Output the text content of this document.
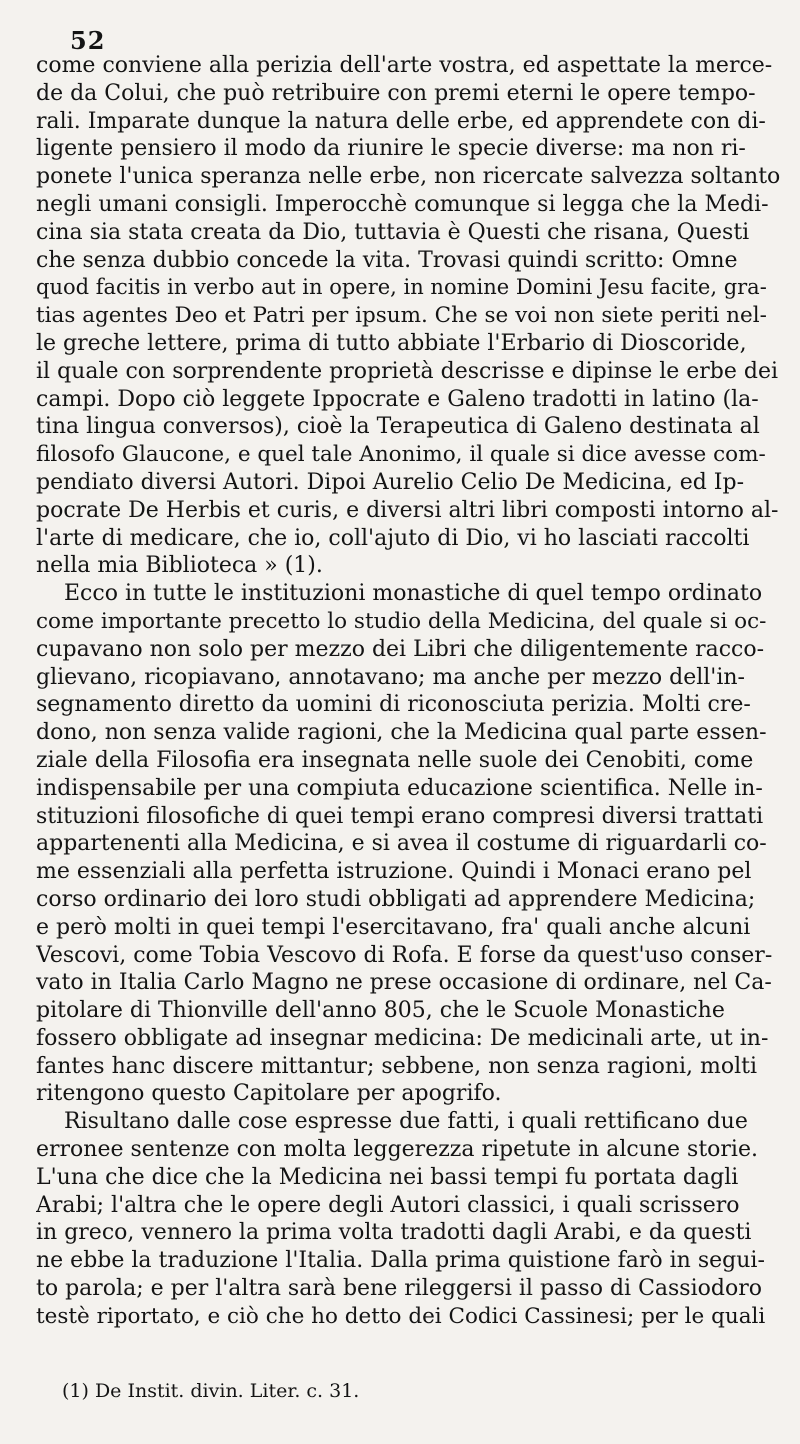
52
come conviene alla perizia dell'arte vostra, ed aspettate la merce-
de da Colui, che può retribuire con premi eterni le opere tempo-
rali. Imparate dunque la natura delle erbe, ed apprendete con di-
ligente pensiero il modo da riunire le specie diverse: ma non ri-
ponete l'unica speranza nelle erbe, non ricercate salvezza soltanto
negli umani consigli. Imperocchè comunque si legga che la Medi-
cina sia stata creata da Dio, tuttavia è Questi che risana, Questi
che senza dubbio concede la vita. Trovasi quindi scritto: Omne
quod facitis in verbo aut in opere, in nomine Domini Jesu facite, gra-
tias agentes Deo et Patri per ipsum. Che se voi non siete periti nel-
le greche lettere, prima di tutto abbiate l'Erbario di Dioscoride,
il quale con sorprendente proprietà descrisse e dipinse le erbe dei
campi. Dopo ciò leggete Ippocrate e Galeno tradotti in latino (la-
tina lingua conversos), cioè la Terapeutica di Galeno destinata al
filosofo Glaucone, e quel tale Anonimo, il quale si dice avesse com-
pendiato diversi Autori. Dipoi Aurelio Celio De Medicina, ed Ip-
pocrate De Herbis et curis, e diversi altri libri composti intorno al-
l'arte di medicare, che io, coll'ajuto di Dio, vi ho lasciati raccolti
nella mia Biblioteca » (1).
Ecco in tutte le instituzioni monastiche di quel tempo ordinato
come importante precetto lo studio della Medicina, del quale si oc-
cupavano non solo per mezzo dei Libri che diligentemente racco-
glievano, ricopiavano, annotavano; ma anche per mezzo dell'in-
segnamento diretto da uomini di riconosciuta perizia. Molti cre-
dono, non senza valide ragioni, che la Medicina qual parte essen-
ziale della Filosofia era insegnata nelle suole dei Cenobiti, come
indispensabile per una compiuta educazione scientifica. Nelle in-
stituzioni filosofiche di quei tempi erano compresi diversi trattati
appartenenti alla Medicina, e si avea il costume di riguardarli co-
me essenziali alla perfetta istruzione. Quindi i Monaci erano pel
corso ordinario dei loro studi obbligati ad apprendere Medicina;
e però molti in quei tempi l'esercitavano, fra' quali anche alcuni
Vescovi, come Tobia Vescovo di Rofa. E forse da quest'uso conser-
vato in Italia Carlo Magno ne prese occasione di ordinare, nel Ca-
pitolare di Thionville dell'anno 805, che le Scuole Monastiche
fossero obbligate ad insegnar medicina: De medicinali arte, ut in-
fantes hanc discere mittantur; sebbene, non senza ragioni, molti
ritengono questo Capitolare per apogrifo.
Risultano dalle cose espresse due fatti, i quali rettificano due
erronee sentenze con molta leggerezza ripetute in alcune storie.
L'una che dice che la Medicina nei bassi tempi fu portata dagli
Arabi; l'altra che le opere degli Autori classici, i quali scrissero
in greco, vennero la prima volta tradotti dagli Arabi, e da questi
ne ebbe la traduzione l'Italia. Dalla prima quistione farò in segui-
to parola; e per l'altra sarà bene rileggersi il passo di Cassiodoro
testè riportato, e ciò che ho detto dei Codici Cassinesi; per le quali
(1) De Instit. divin. Liter. c. 31.
